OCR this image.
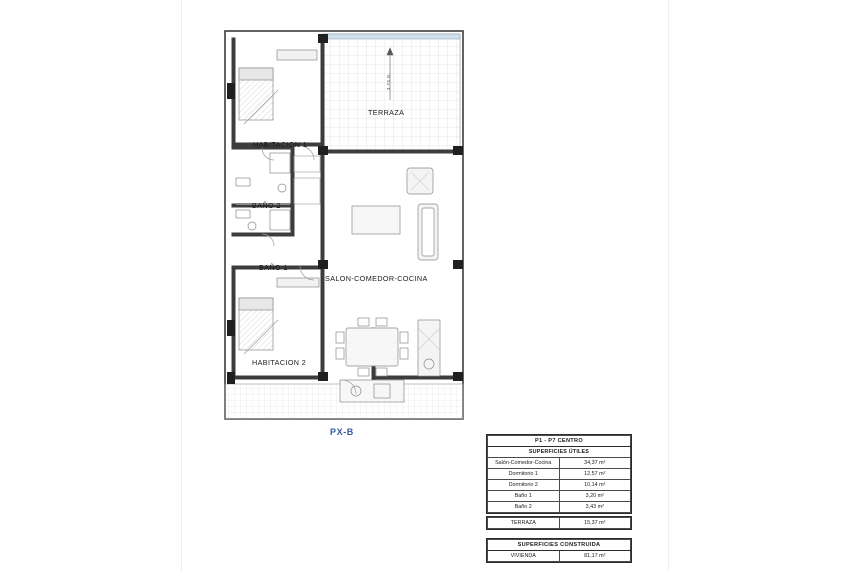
HABITACION 1
TERRAZA
3.73 m
BAÑO 2
BAÑO 1
SALON-COMEDOR-COCINA
HABITACION 2
PX-B
P1 - P7 CENTRO	
SUPERFICIES ÚTILES	
Salón-Comedor-Cocina	34,37 m²
Dormitorio 1	12,57 m²
Dormitorio 2	10,14 m²
Baño 1	3,20 m²
Baño 2	3,43 m²
TERRAZA	15,37 m²
SUPERFICIES CONSTRUIDA
VIVIENDA	81,17 m²
